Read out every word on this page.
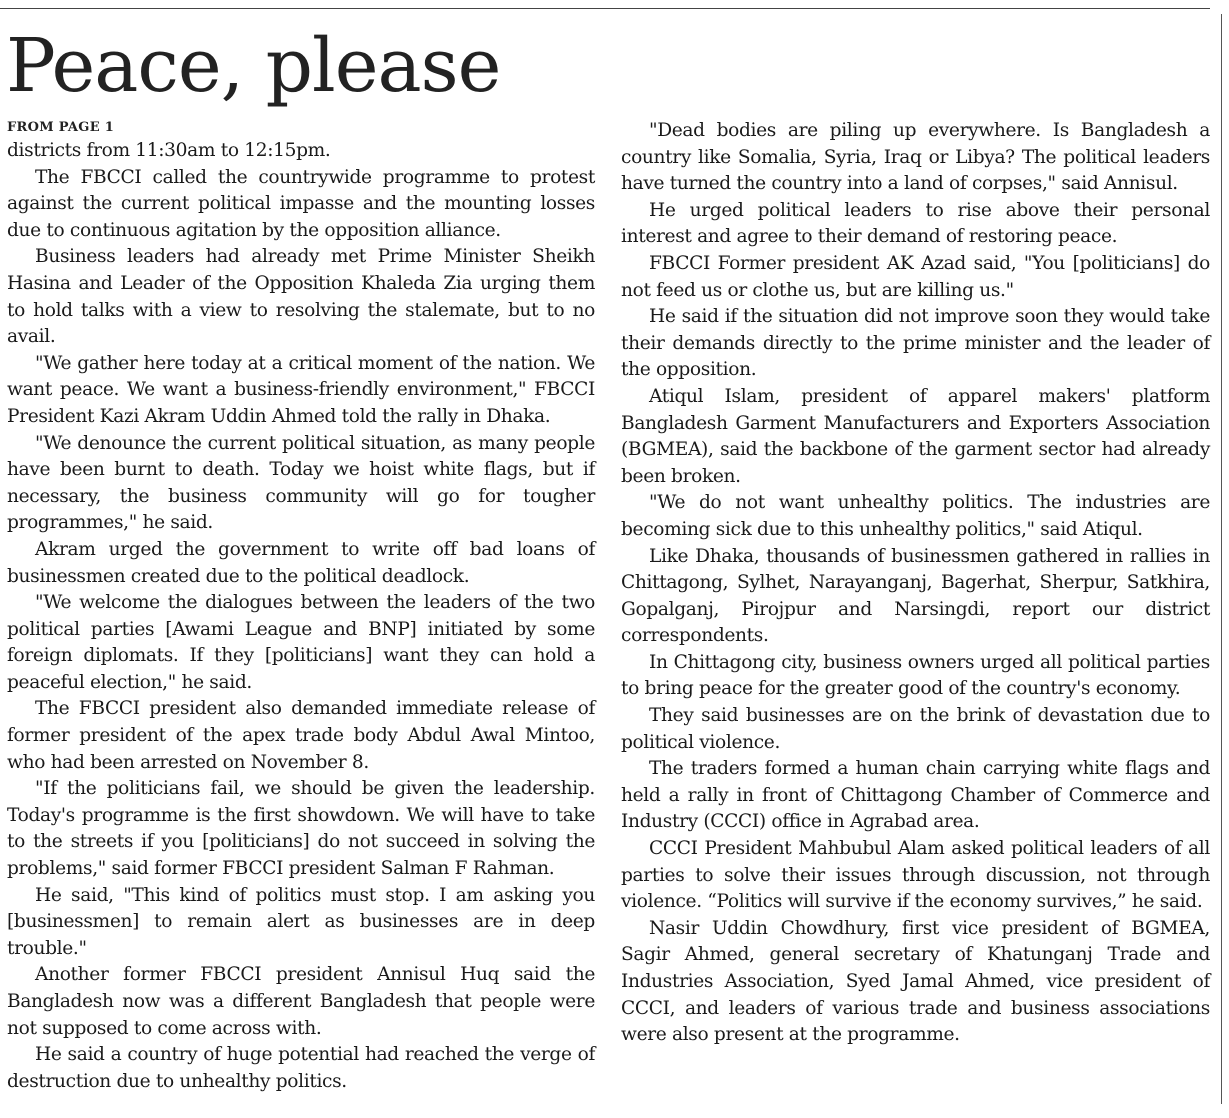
Peace, please
FROM PAGE 1

districts from 11:30am to 12:15pm.

The FBCCI called the countrywide programme to protest against the current political impasse and the mounting losses due to continuous agitation by the opposition alliance.

Business leaders had already met Prime Minister Sheikh Hasina and Leader of the Opposition Khaleda Zia urging them to hold talks with a view to resolving the stalemate, but to no avail.

"We gather here today at a critical moment of the nation. We want peace. We want a business-friendly environment," FBCCI President Kazi Akram Uddin Ahmed told the rally in Dhaka.

"We denounce the current political situation, as many people have been burnt to death. Today we hoist white flags, but if necessary, the business community will go for tougher programmes," he said.

Akram urged the government to write off bad loans of businessmen created due to the political deadlock.

"We welcome the dialogues between the leaders of the two political parties [Awami League and BNP] initiated by some foreign diplomats. If they [politicians] want they can hold a peaceful election," he said.

The FBCCI president also demanded immediate release of former president of the apex trade body Abdul Awal Mintoo, who had been arrested on November 8.

"If the politicians fail, we should be given the leadership. Today's programme is the first showdown. We will have to take to the streets if you [politicians] do not succeed in solving the problems," said former FBCCI president Salman F Rahman.

He said, "This kind of politics must stop. I am asking you [businessmen] to remain alert as businesses are in deep trouble."

Another former FBCCI president Annisul Huq said the Bangladesh now was a different Bangladesh that people were not supposed to come across with.

He said a country of huge potential had reached the verge of destruction due to unhealthy politics.

"Dead bodies are piling up everywhere. Is Bangladesh a country like Somalia, Syria, Iraq or Libya? The political leaders have turned the country into a land of corpses," said Annisul.

He urged political leaders to rise above their personal interest and agree to their demand of restoring peace.

FBCCI Former president AK Azad said, "You [politicians] do not feed us or clothe us, but are killing us."

He said if the situation did not improve soon they would take their demands directly to the prime minister and the leader of the opposition.

Atiqul Islam, president of apparel makers' platform Bangladesh Garment Manufacturers and Exporters Association (BGMEA), said the backbone of the garment sector had already been broken.

"We do not want unhealthy politics. The industries are becoming sick due to this unhealthy politics," said Atiqul.

Like Dhaka, thousands of businessmen gathered in rallies in Chittagong, Sylhet, Narayanganj, Bagerhat, Sherpur, Satkhira, Gopalganj, Pirojpur and Narsingdi, report our district correspondents.

In Chittagong city, business owners urged all political parties to bring peace for the greater good of the country's economy.

They said businesses are on the brink of devastation due to political violence.

The traders formed a human chain carrying white flags and held a rally in front of Chittagong Chamber of Commerce and Industry (CCCI) office in Agrabad area.

CCCI President Mahbubul Alam asked political leaders of all parties to solve their issues through discussion, not through violence. “Politics will survive if the economy survives,” he said.

Nasir Uddin Chowdhury, first vice president of BGMEA, Sagir Ahmed, general secretary of Khatunganj Trade and Industries Association, Syed Jamal Ahmed, vice president of CCCI, and leaders of various trade and business associations were also present at the programme.
